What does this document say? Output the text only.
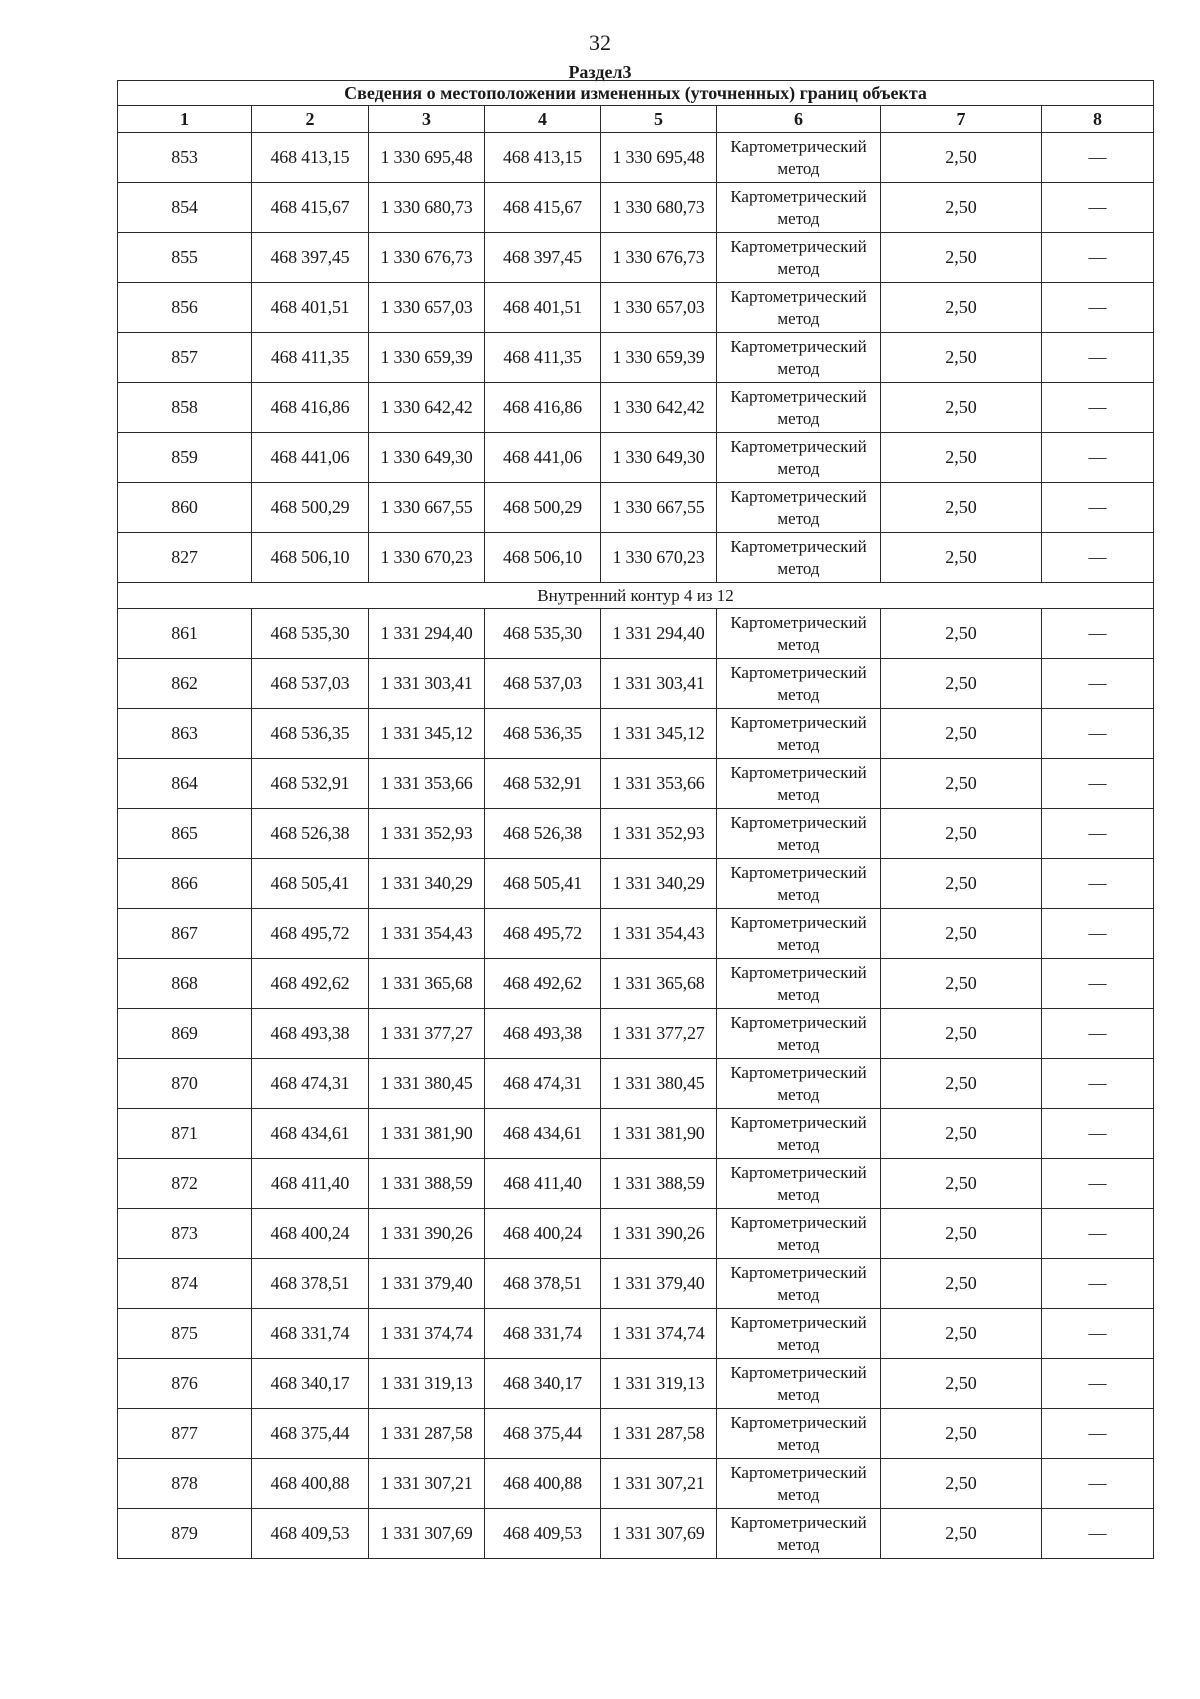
32
Раздел3
Сведения о местоположении измененных (уточненных) границ объекта							
1	2	3	4	5	6	7	8
853	468 413,15	1 330 695,48	468 413,15	1 330 695,48	Картометрический метод	2,50	—
854	468 415,67	1 330 680,73	468 415,67	1 330 680,73	Картометрический метод	2,50	—
855	468 397,45	1 330 676,73	468 397,45	1 330 676,73	Картометрический метод	2,50	—
856	468 401,51	1 330 657,03	468 401,51	1 330 657,03	Картометрический метод	2,50	—
857	468 411,35	1 330 659,39	468 411,35	1 330 659,39	Картометрический метод	2,50	—
858	468 416,86	1 330 642,42	468 416,86	1 330 642,42	Картометрический метод	2,50	—
859	468 441,06	1 330 649,30	468 441,06	1 330 649,30	Картометрический метод	2,50	—
860	468 500,29	1 330 667,55	468 500,29	1 330 667,55	Картометрический метод	2,50	—
827	468 506,10	1 330 670,23	468 506,10	1 330 670,23	Картометрический метод	2,50	—
Внутренний контур 4 из 12							
861	468 535,30	1 331 294,40	468 535,30	1 331 294,40	Картометрический метод	2,50	—
862	468 537,03	1 331 303,41	468 537,03	1 331 303,41	Картометрический метод	2,50	—
863	468 536,35	1 331 345,12	468 536,35	1 331 345,12	Картометрический метод	2,50	—
864	468 532,91	1 331 353,66	468 532,91	1 331 353,66	Картометрический метод	2,50	—
865	468 526,38	1 331 352,93	468 526,38	1 331 352,93	Картометрический метод	2,50	—
866	468 505,41	1 331 340,29	468 505,41	1 331 340,29	Картометрический метод	2,50	—
867	468 495,72	1 331 354,43	468 495,72	1 331 354,43	Картометрический метод	2,50	—
868	468 492,62	1 331 365,68	468 492,62	1 331 365,68	Картометрический метод	2,50	—
869	468 493,38	1 331 377,27	468 493,38	1 331 377,27	Картометрический метод	2,50	—
870	468 474,31	1 331 380,45	468 474,31	1 331 380,45	Картометрический метод	2,50	—
871	468 434,61	1 331 381,90	468 434,61	1 331 381,90	Картометрический метод	2,50	—
872	468 411,40	1 331 388,59	468 411,40	1 331 388,59	Картометрический метод	2,50	—
873	468 400,24	1 331 390,26	468 400,24	1 331 390,26	Картометрический метод	2,50	—
874	468 378,51	1 331 379,40	468 378,51	1 331 379,40	Картометрический метод	2,50	—
875	468 331,74	1 331 374,74	468 331,74	1 331 374,74	Картометрический метод	2,50	—
876	468 340,17	1 331 319,13	468 340,17	1 331 319,13	Картометрический метод	2,50	—
877	468 375,44	1 331 287,58	468 375,44	1 331 287,58	Картометрический метод	2,50	—
878	468 400,88	1 331 307,21	468 400,88	1 331 307,21	Картометрический метод	2,50	—
879	468 409,53	1 331 307,69	468 409,53	1 331 307,69	Картометрический метод	2,50	—
